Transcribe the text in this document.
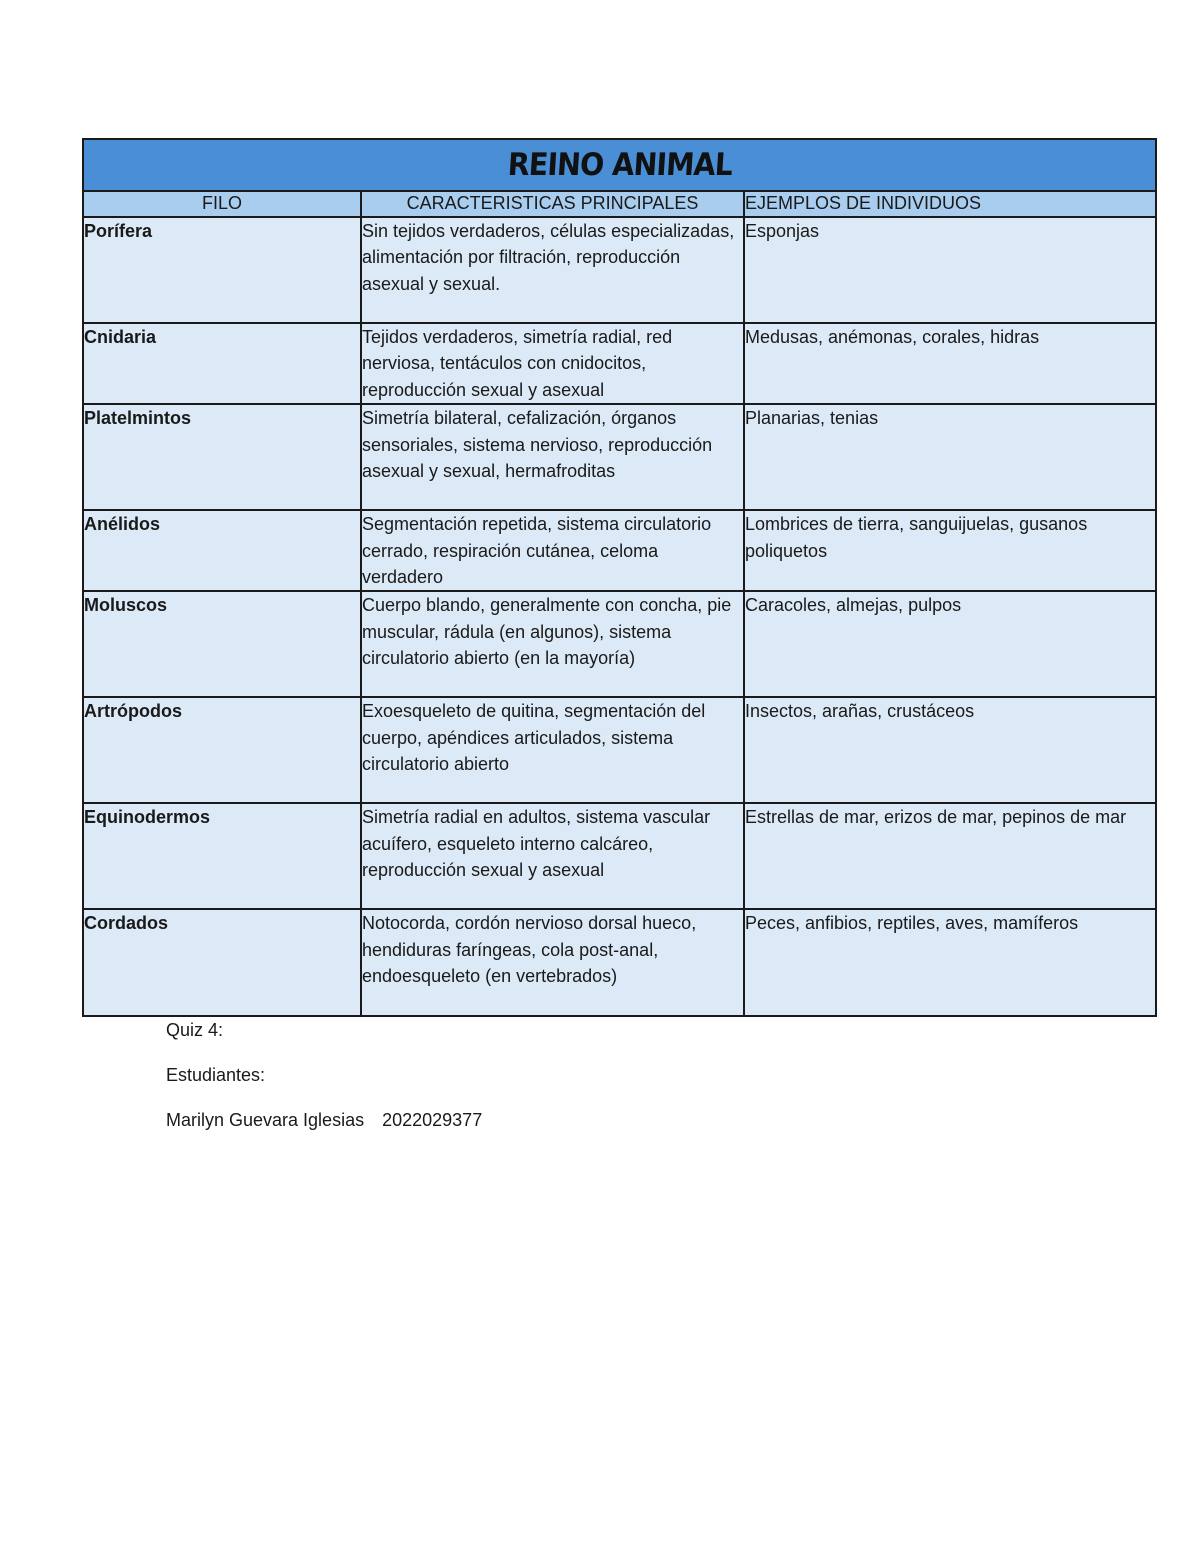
REINO ANIMAL		
FILO	CARACTERISTICAS PRINCIPALES	EJEMPLOS DE INDIVIDUOS
Porífera	Sin tejidos verdaderos, células especializadas, alimentación por filtración, reproducción asexual y sexual.	Esponjas
Cnidaria	Tejidos verdaderos, simetría radial, red nerviosa, tentáculos con cnidocitos, reproducción sexual y asexual	Medusas, anémonas, corales, hidras
Platelmintos	Simetría bilateral, cefalización, órganos sensoriales, sistema nervioso, reproducción asexual y sexual, hermafroditas	Planarias, tenias
Anélidos	Segmentación repetida, sistema circulatorio cerrado, respiración cutánea, celoma verdadero	Lombrices de tierra, sanguijuelas, gusanos poliquetos
Moluscos	Cuerpo blando, generalmente con concha, pie muscular, rádula (en algunos), sistema circulatorio abierto (en la mayoría)	Caracoles, almejas, pulpos
Artrópodos	Exoesqueleto de quitina, segmentación del cuerpo, apéndices articulados, sistema circulatorio abierto	Insectos, arañas, crustáceos
Equinodermos	Simetría radial en adultos, sistema vascular acuífero, esqueleto interno calcáreo, reproducción sexual y asexual	Estrellas de mar, erizos de mar, pepinos de mar
Cordados	Notocorda, cordón nervioso dorsal hueco, hendiduras faríngeas, cola post-anal, endoesqueleto (en vertebrados)	Peces, anfibios, reptiles, aves, mamíferos
Quiz 4:
Estudiantes:
Marilyn Guevara Iglesias 2022029377
